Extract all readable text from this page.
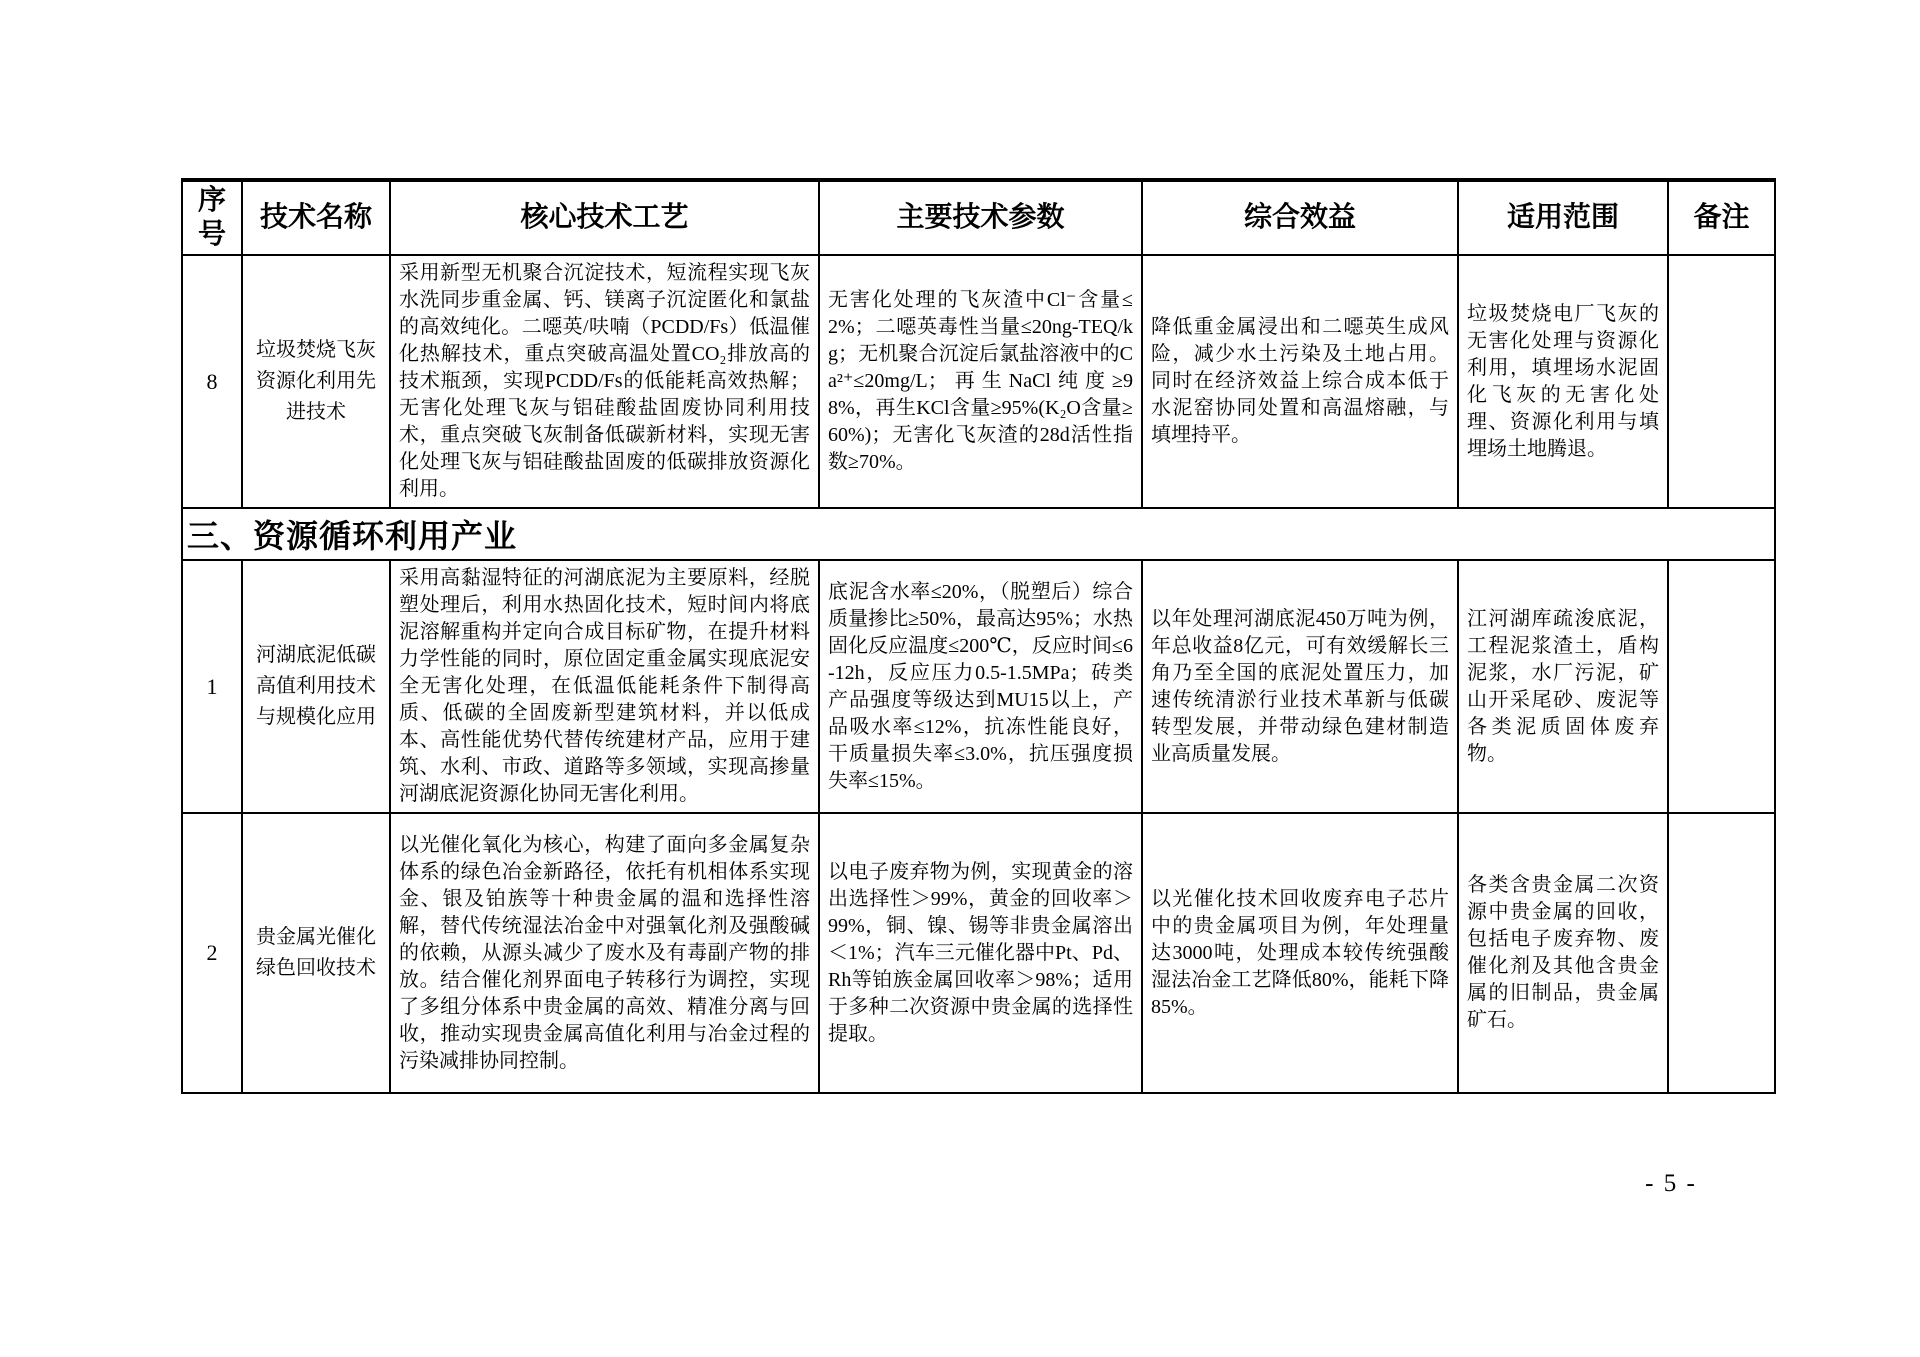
序号	技术名称	核心技术工艺	主要技术参数	综合效益	适用范围	备注
8	垃圾焚烧飞灰资源化利用先进技术	采用新型无机聚合沉淀技术，短流程实现飞灰水洗同步重金属、钙、镁离子沉淀匿化和氯盐的高效纯化。二噁英/呋喃（PCDD/Fs）低温催化热解技术，重点突破高温处置CO₂排放高的技术瓶颈，实现PCDD/Fs的低能耗高效热解；无害化处理飞灰与铝硅酸盐固废协同利用技术，重点突破飞灰制备低碳新材料，实现无害化处理飞灰与铝硅酸盐固废的低碳排放资源化利用。	无害化处理的飞灰渣中Cl⁻含量≤2%；二噁英毒性当量≤20ng-TEQ/kg；无机聚合沉淀后氯盐溶液中的Ca²⁺≤20mg/L；再生NaCl纯度≥98%，再生KCl含量≥95%(K₂O含量≥60%)；无害化飞灰渣的28d活性指数≥70%。	降低重金属浸出和二噁英生成风险，减少水土污染及土地占用。同时在经济效益上综合成本低于水泥窑协同处置和高温熔融，与填埋持平。	垃圾焚烧电厂飞灰的无害化处理与资源化利用，填埋场水泥固化飞灰的无害化处理、资源化利用与填埋场土地腾退。	
三、资源循环利用产业						
1	河湖底泥低碳高值利用技术与规模化应用	采用高黏湿特征的河湖底泥为主要原料，经脱塑处理后，利用水热固化技术，短时间内将底泥溶解重构并定向合成目标矿物，在提升材料力学性能的同时，原位固定重金属实现底泥安全无害化处理，在低温低能耗条件下制得高质、低碳的全固废新型建筑材料，并以低成本、高性能优势代替传统建材产品，应用于建筑、水利、市政、道路等多领域，实现高掺量河湖底泥资源化协同无害化利用。	底泥含水率≤20%，（脱塑后）综合质量掺比≥50%，最高达95%；水热固化反应温度≤200℃，反应时间≤6-12h，反应压力0.5-1.5MPa；砖类产品强度等级达到MU15以上，产品吸水率≤12%，抗冻性能良好，干质量损失率≤3.0%，抗压强度损失率≤15%。	以年处理河湖底泥450万吨为例，年总收益8亿元，可有效缓解长三角乃至全国的底泥处置压力，加速传统清淤行业技术革新与低碳转型发展，并带动绿色建材制造业高质量发展。	江河湖库疏浚底泥，工程泥浆渣土，盾构泥浆，水厂污泥，矿山开采尾砂、废泥等各类泥质固体废弃物。	
2	贵金属光催化绿色回收技术	以光催化氧化为核心，构建了面向多金属复杂体系的绿色冶金新路径，依托有机相体系实现金、银及铂族等十种贵金属的温和选择性溶解，替代传统湿法冶金中对强氧化剂及强酸碱的依赖，从源头减少了废水及有毒副产物的排放。结合催化剂界面电子转移行为调控，实现了多组分体系中贵金属的高效、精准分离与回收，推动实现贵金属高值化利用与冶金过程的污染减排协同控制。	以电子废弃物为例，实现黄金的溶出选择性＞99%，黄金的回收率＞99%，铜、镍、锡等非贵金属溶出＜1%；汽车三元催化器中Pt、Pd、Rh等铂族金属回收率＞98%；适用于多种二次资源中贵金属的选择性提取。	以光催化技术回收废弃电子芯片中的贵金属项目为例，年处理量达3000吨，处理成本较传统强酸湿法冶金工艺降低80%，能耗下降85%。	各类含贵金属二次资源中贵金属的回收，包括电子废弃物、废催化剂及其他含贵金属的旧制品，贵金属矿石。	
- 5 -
